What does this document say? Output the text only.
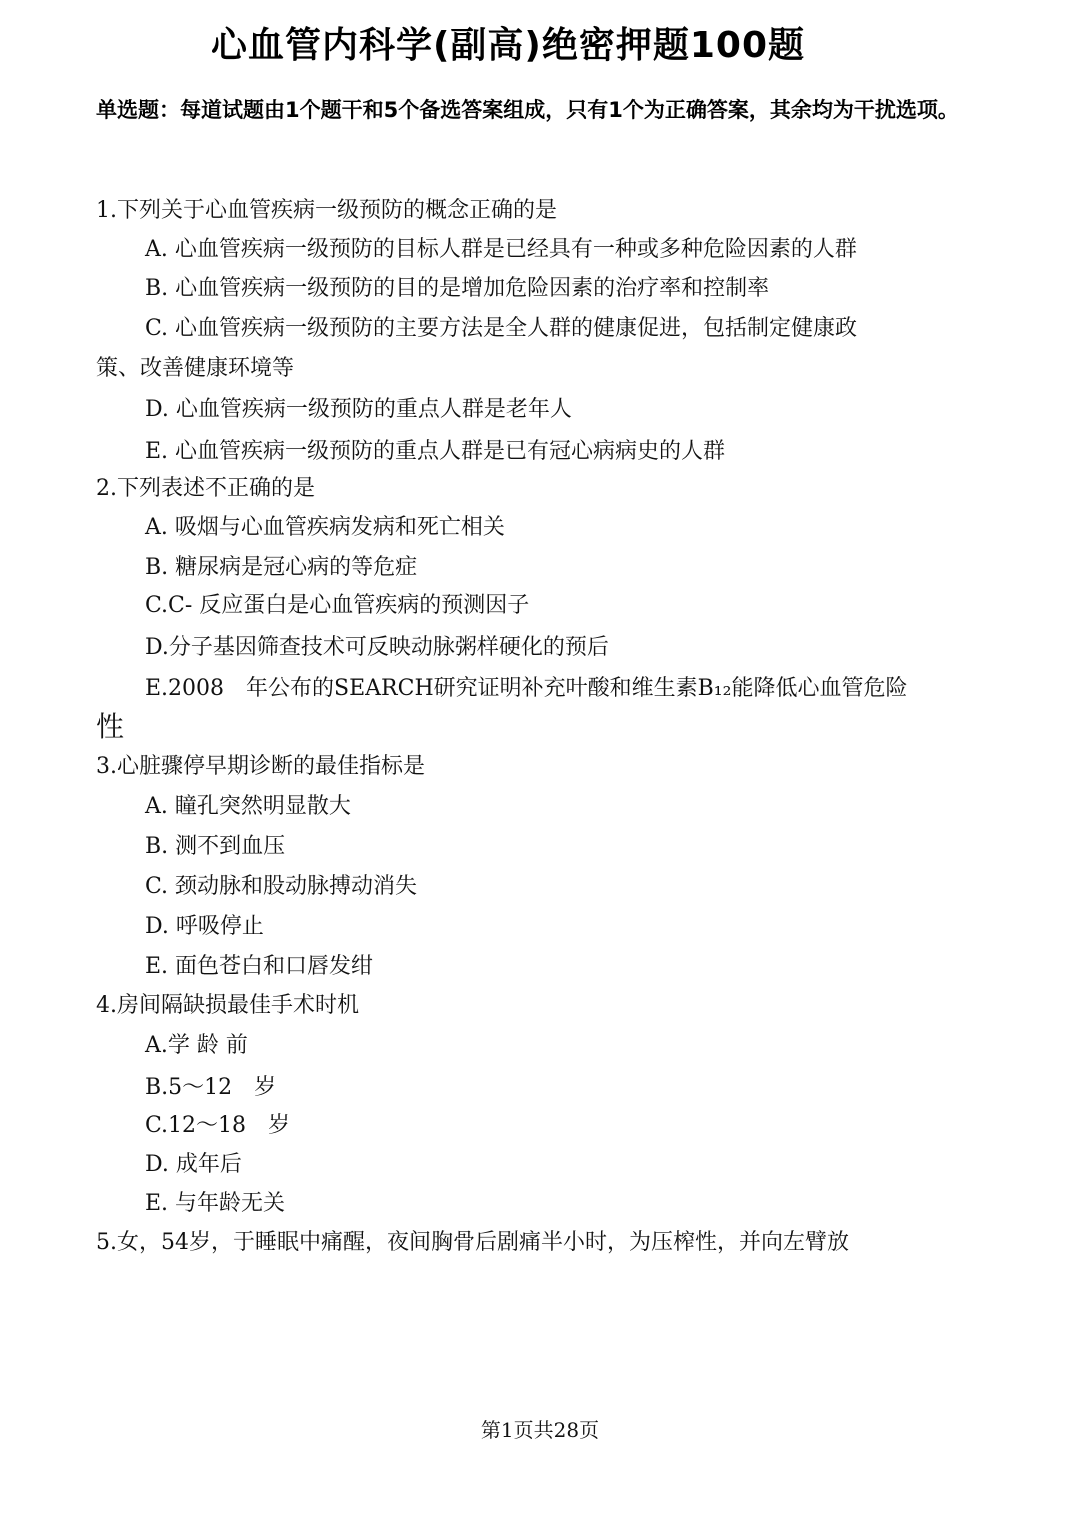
心血管内科学(副高)绝密押题100题
单选题：每道试题由1个题干和5个备选答案组成，只有1个为正确答案，其余均为干扰选项。
1.下列关于心血管疾病一级预防的概念正确的是
A. 心血管疾病一级预防的目标人群是已经具有一种或多种危险因素的人群
B. 心血管疾病一级预防的目的是增加危险因素的治疗率和控制率
C. 心血管疾病一级预防的主要方法是全人群的健康促进，包括制定健康政
策、改善健康环境等
D. 心血管疾病一级预防的重点人群是老年人
E. 心血管疾病一级预防的重点人群是已有冠心病病史的人群
2.下列表述不正确的是
A. 吸烟与心血管疾病发病和死亡相关
B. 糖尿病是冠心病的等危症
C.C- 反应蛋白是心血管疾病的预测因子
D.分子基因筛查技术可反映动脉粥样硬化的预后
E.2008　年公布的SEARCH研究证明补充叶酸和维生素B₁₂能降低心血管危险
性
3.心脏骤停早期诊断的最佳指标是
A. 瞳孔突然明显散大
B. 测不到血压
C. 颈动脉和股动脉搏动消失
D. 呼吸停止
E. 面色苍白和口唇发绀
4.房间隔缺损最佳手术时机
A.学 龄 前
B.5～12　岁
C.12～18　岁
D. 成年后
E. 与年龄无关
5.女，54岁，于睡眠中痛醒，夜间胸骨后剧痛半小时，为压榨性，并向左臂放
第1页共28页
